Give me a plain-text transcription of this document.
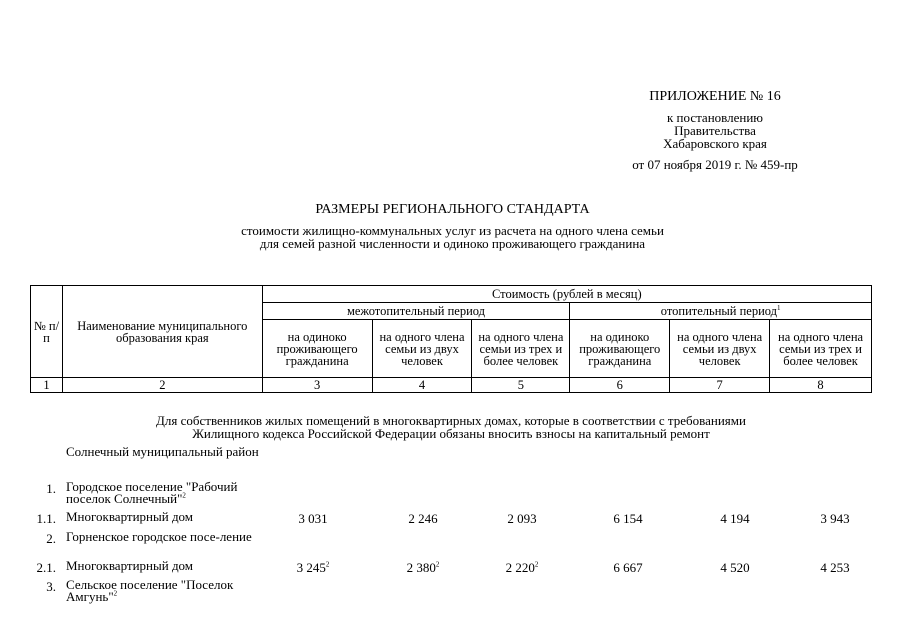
ПРИЛОЖЕНИЕ № 16
к постановлению
Правительства
Хабаровского края
от 07 ноября 2019 г. № 459-пр
РАЗМЕРЫ РЕГИОНАЛЬНОГО СТАНДАРТА
стоимости жилищно-коммунальных услуг из расчета на одного члена семьи
для семей разной численности и одиноко проживающего гражданина
№ п/п	Наименование муниципального образования края	Стоимость (рублей в месяц)					
		межотопительный период			отопительный период$^1$
		на одиноко проживающего гражданина	на одного члена семьи из двух человек	на одного члена семьи из трех и более человек	на одиноко проживающего гражданина	на одного члена семьи из двух человек	на одного члена семьи из трех и более человек
1	2	3	4	5	6	7	8
Для собственников жилых помещений в многоквартирных домах, которые в соответствии с требованиями
Жилищного кодекса Российской Федерации обязаны вносить взносы на капитальный ремонт
Солнечный муниципальный район
1. Городское поселение "Рабочий поселок Солнечный"$^2$
1.1. Многоквартирный дом	3 031	2 246	2 093	6 154	4 194	3 943
2. Горненское городское посе-ление
2.1. Многоквартирный дом	3 $245^2$	2 $380^2$	2 $220^2$	6 667	4 520	4 253
3. Сельское поселение "Поселок Амгунь"$^2$
